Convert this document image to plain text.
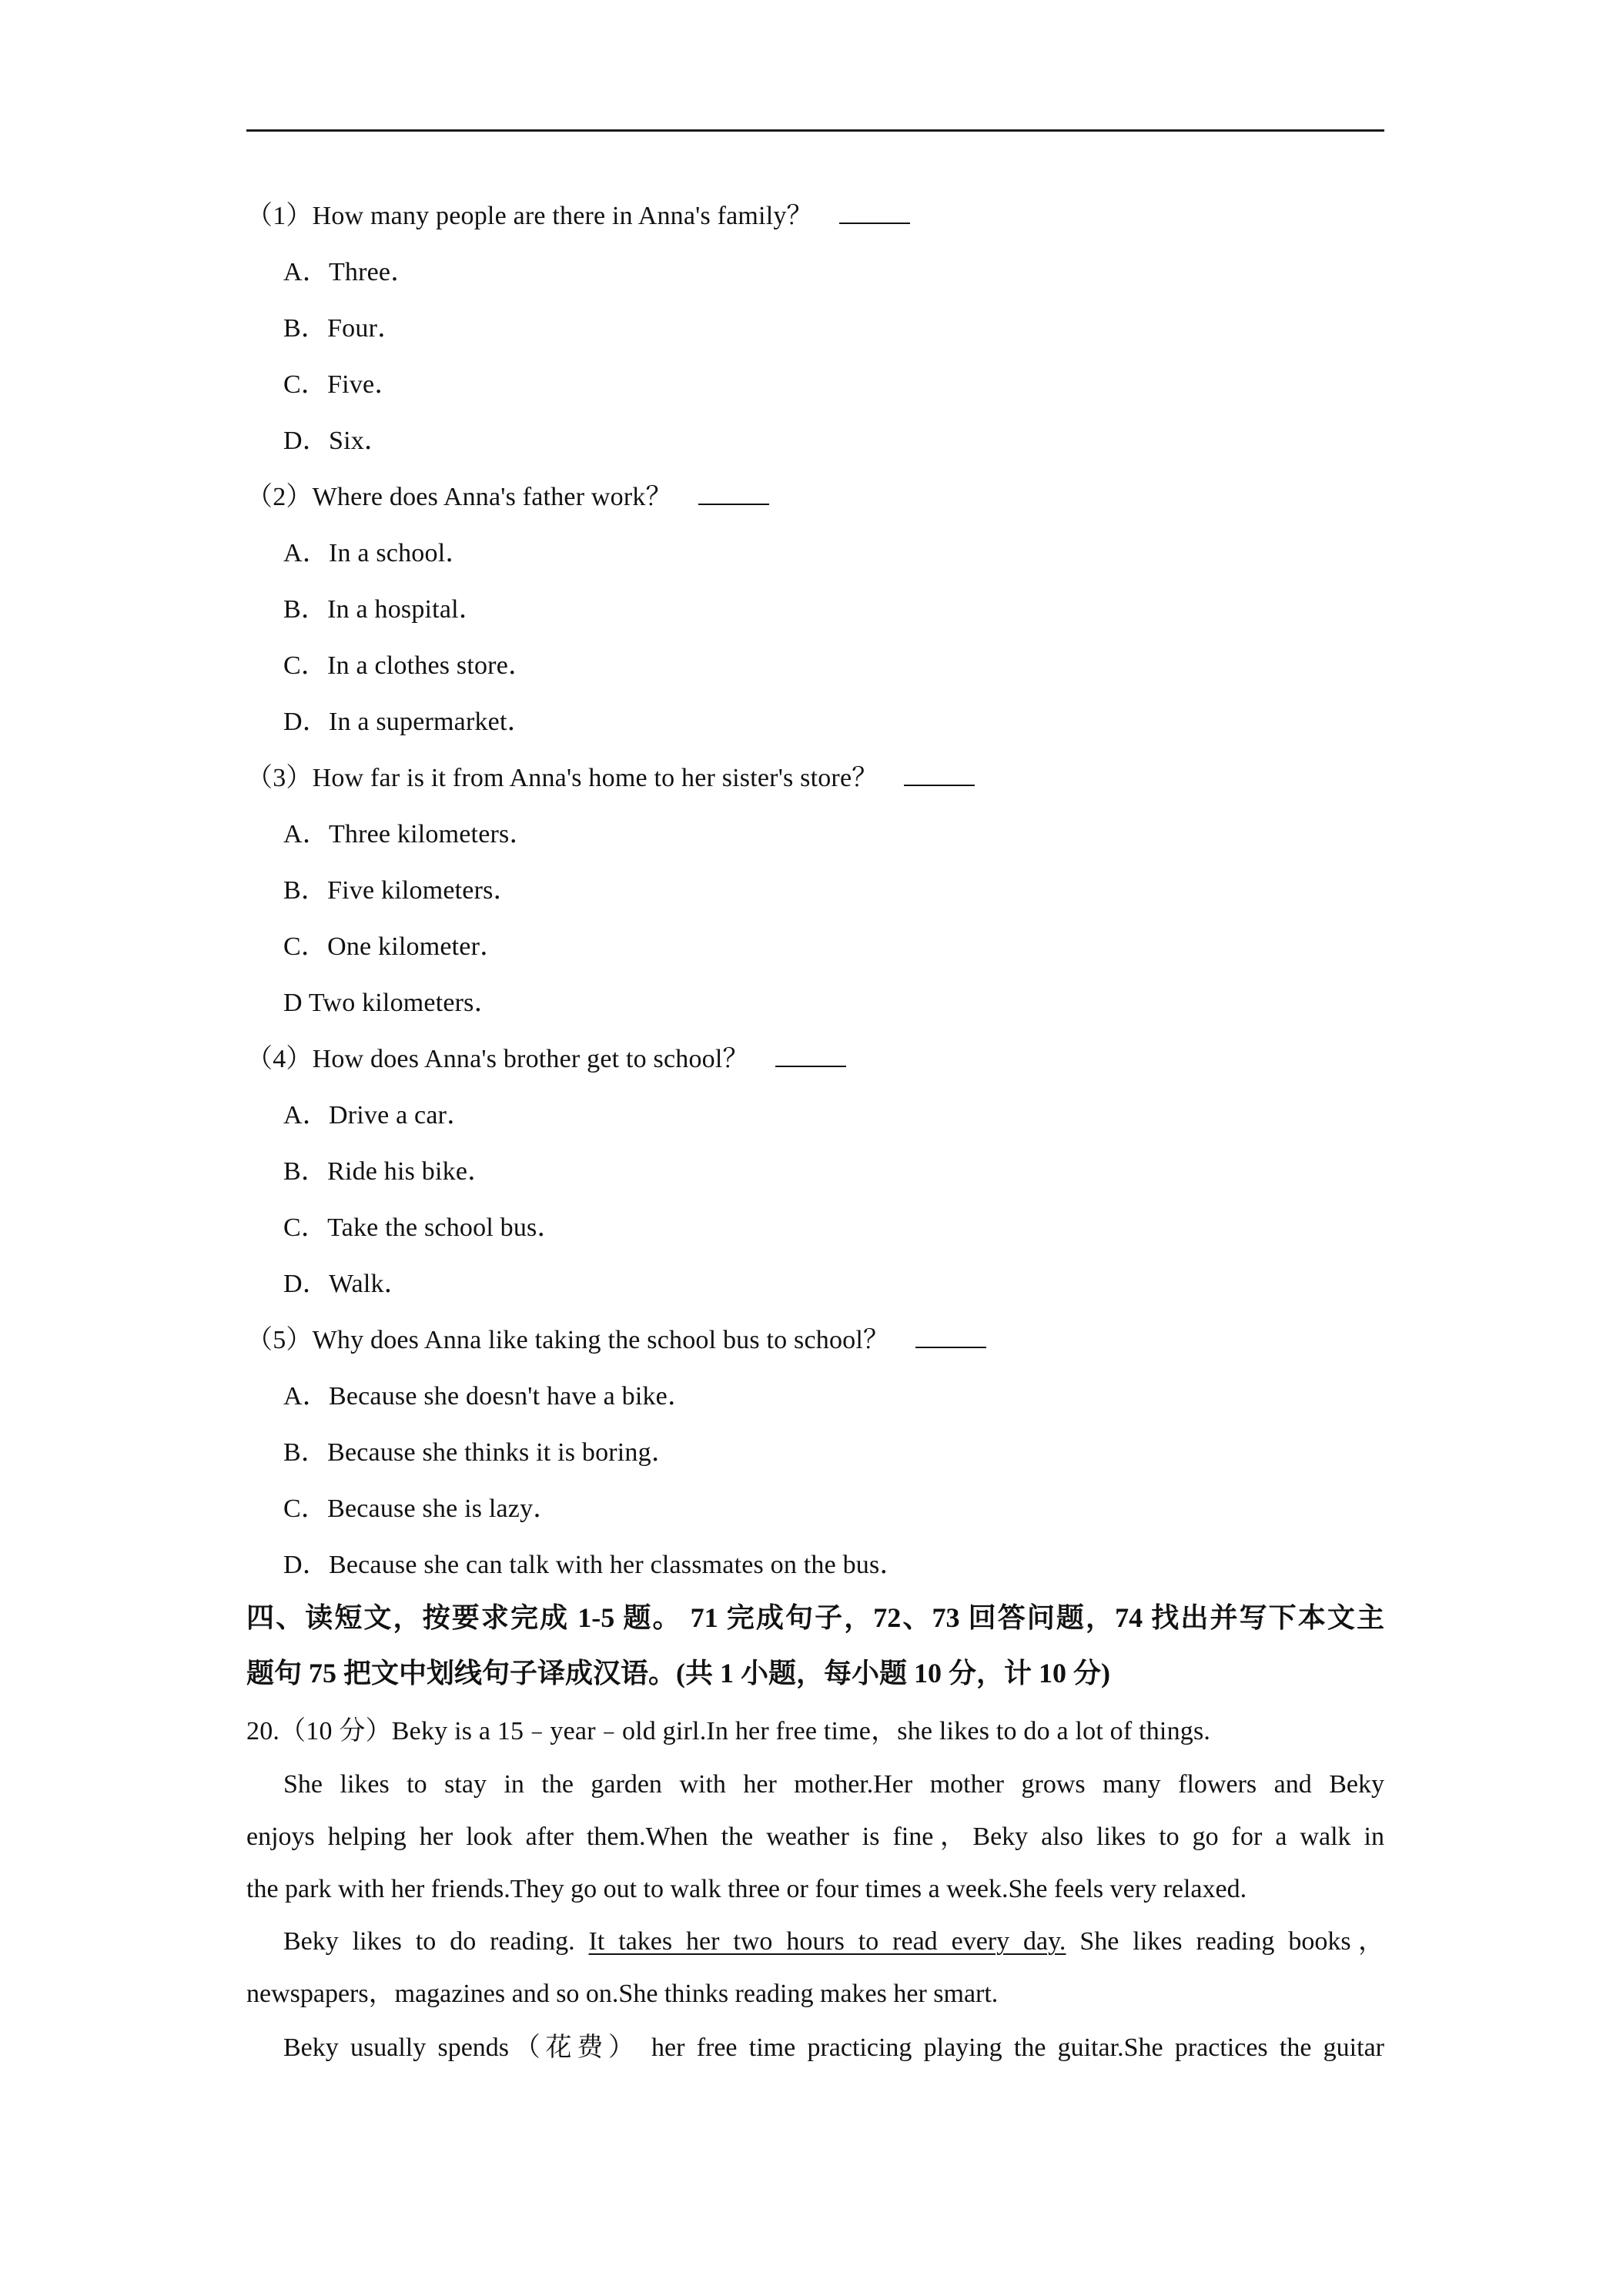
（1）How many people are there in Anna's family？
A．Three．
B．Four．
C．Five．
D．Six．
（2）Where does Anna's father work？
A．In a school．
B．In a hospital．
C．In a clothes store．
D．In a supermarket．
（3）How far is it from Anna's home to her sister's store？
A．Three kilometers．
B．Five kilometers．
C．One kilometer．
D Two kilometers．
（4）How does Anna's brother get to school？
A．Drive a car．
B．Ride his bike．
C．Take the school bus．
D．Walk．
（5）Why does Anna like taking the school bus to school？
A．Because she doesn't have a bike．
B．Because she thinks it is boring．
C．Because she is lazy．
D．Because she can talk with her classmates on the bus．
四、读短文，按要求完成 1-5 题。 71 完成句子，72、73 回答问题，74 找出并写下本文主
题句 75 把文中划线句子译成汉语。(共 1 小题，每小题 10 分，计 10 分)
20.（10 分）Beky is a 15﹣year﹣old girl.In her free time，she likes to do a lot of things.
She likes to stay in the garden with her mother.Her mother grows many flowers and Beky
enjoys helping her look after them.When the weather is fine，Beky also likes to go for a walk in
the park with her friends.They go out to walk three or four times a week.She feels very relaxed.
Beky likes to do reading. It takes her two hours to read every day. She likes reading books，
newspapers，magazines and so on.She thinks reading makes her smart.
Beky usually spends（花费） her free time practicing playing the guitar.She practices the guitar
